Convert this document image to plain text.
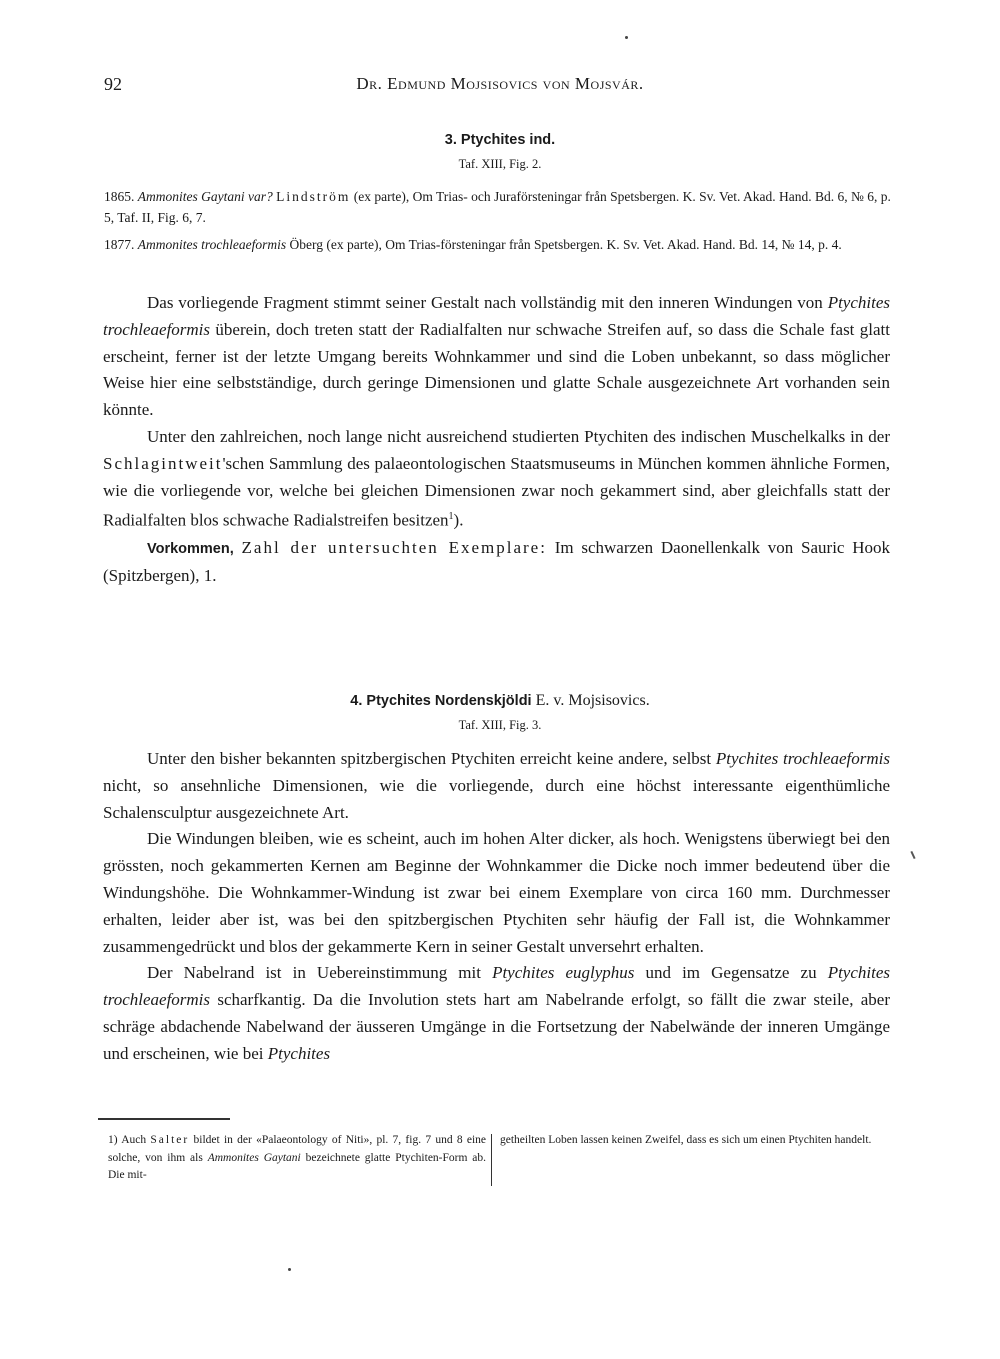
92	Dr. Edmund Mojsisovics von Mojsvár.
3. Ptychites ind.
Taf. XIII, Fig. 2.
1865. Ammonites Gaytani var? Lindström (ex parte), Om Trias- och Juraförsteningar från Spetsbergen. K. Sv. Vet. Akad. Hand. Bd. 6, № 6, p. 5, Taf. II, Fig. 6, 7.
1877. Ammonites trochleaeformis Öberg (ex parte), Om Trias-försteningar från Spetsbergen. K. Sv. Vet. Akad. Hand. Bd. 14, № 14, p. 4.

Das vorliegende Fragment stimmt seiner Gestalt nach vollständig mit den inneren Windungen von Ptychites trochleaeformis überein, doch treten statt der Radialfalten nur schwache Streifen auf, so dass die Schale fast glatt erscheint, ferner ist der letzte Umgang bereits Wohnkammer und sind die Loben unbekannt, so dass möglicher Weise hier eine selbstständige, durch geringe Dimensionen und glatte Schale ausgezeichnete Art vorhanden sein könnte.

Unter den zahlreichen, noch lange nicht ausreichend studierten Ptychiten des indischen Muschelkalks in der Schlagintweit'schen Sammlung des palaeontologischen Staatsmuseums in München kommen ähnliche Formen, wie die vorliegende vor, welche bei gleichen Dimensionen zwar noch gekammert sind, aber gleichfalls statt der Radialfalten blos schwache Radialstreifen besitzen$^1$).

Vorkommen, Zahl der untersuchten Exemplare: Im schwarzen Daonellenkalk von Sauric Hook (Spitzbergen), 1.

4. Ptychites Nordenskjöldi E. v. Mojsisovics.
Taf. XIII, Fig. 3.

Unter den bisher bekannten spitzbergischen Ptychiten erreicht keine andere, selbst Ptychites trochleaeformis nicht, so ansehnliche Dimensionen, wie die vorliegende, durch eine höchst interessante eigenthümliche Schalensculptur ausgezeichnete Art.

Die Windungen bleiben, wie es scheint, auch im hohen Alter dicker, als hoch. Wenigstens überwiegt bei den grössten, noch gekammerten Kernen am Beginne der Wohnkammer die Dicke noch immer bedeutend über die Windungshöhe. Die Wohnkammer-Windung ist zwar bei einem Exemplare von circa 160 mm. Durchmesser erhalten, leider aber ist, was bei den spitzbergischen Ptychiten sehr häufig der Fall ist, die Wohnkammer zusammengedrückt und blos der gekammerte Kern in seiner Gestalt unversehrt erhalten.

Der Nabelrand ist in Uebereinstimmung mit Ptychites euglyphus und im Gegensatze zu Ptychites trochleaeformis scharfkantig. Da die Involution stets hart am Nabelrande erfolgt, so fällt die zwar steile, aber schräge abdachende Nabelwand der äusseren Umgänge in die Fortsetzung der Nabelwände der inneren Umgänge und erscheinen, wie bei Ptychites

1) Auch Salter bildet in der «Palaeontology of Niti», pl. 7, fig. 7 und 8 eine solche, von ihm als Ammonites Gaytani bezeichnete glatte Ptychiten-Form ab. Die mit-
getheilten Loben lassen keinen Zweifel, dass es sich um einen Ptychiten handelt.
